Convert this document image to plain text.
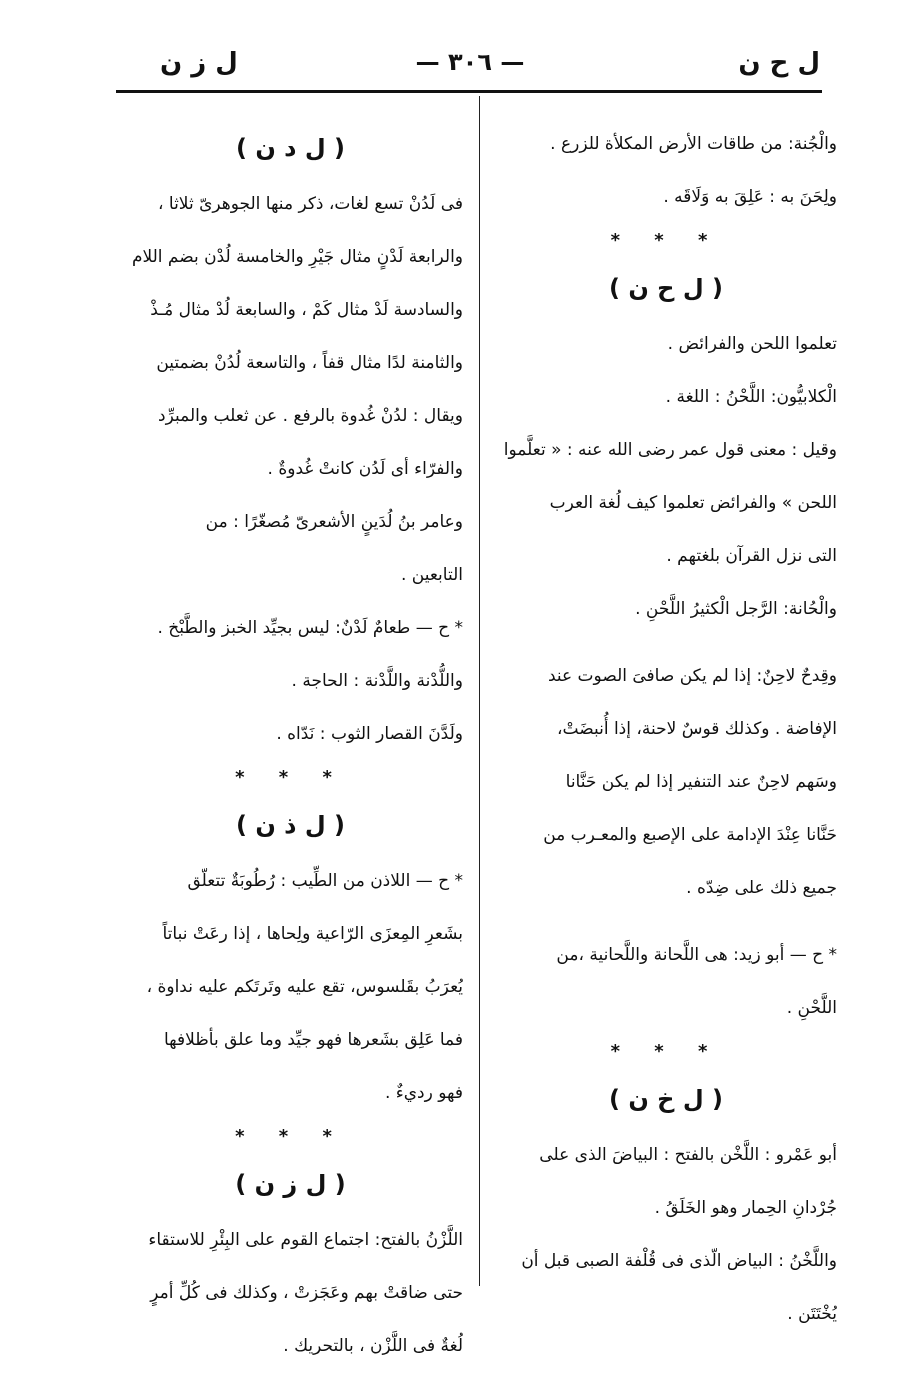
ل ح ن
— ٣٠٦ —
ل ز ن
والْجُنة: من طاقات الأرض المكلأة للزرع .
ولِحَنَ به : عَلِقَ به وَلَاقَه .
* * *
( ل ح ن )
تعلموا اللحن والفرائض .
الْكلابيُّون: اللَّحْنُ : اللغة .
وقيل : معنى قول عمر رضى الله عنه : « تعلَّموا
اللحن » والفرائض تعلموا كيف لُغة العرب
التى نزل القرآن بلغتهم .
والْحُانة: الرَّجل الْكثيرُ اللَّحْنِ .
وقِدحٌ لاحِنٌ: إذا لم يكن صافىَ الصوت عند
الإفاضة . وكذلك قوسٌ لاحنة، إذا أُنبضَتْ،
وسَهم لاحِنٌ عند التنفير إذا لم يكن حَنَّانا
حَنَّانا عِنْدَ الإدامة على الإصبع والمعـرب من
جميع ذلك على ضِدّه .
* ح — أبو زيد: هى اللَّحانة واللَّحانية ،من
اللَّحْنِ .
* * *
( ل خ ن )
أبو عَمْرو : اللَّخْن بالفتح : البياضَ الذى على
جُرْدانِ الحِمار وهو الخَلَقُ .
واللَّخْنُ : البياض الّذى فى قُلْفة الصبى قبل أن
يُخْتَتَن .
( ل د ن )
فى لَدُنْ تسع لغات، ذكر منها الجوهرىّ ثلاثا ،
والرابعة لَدْنٍ مثال جَيْرِ والخامسة لُدْن بضم اللام
والسادسة لَدْ مثال كَمْ ، والسابعة لُدْ مثال مُـذْ
والثامنة لدًا مثال قفاً ، والتاسعة لُدُنْ بضمتين
ويقال : لدُنْ غُدوة بالرفع . عن ثعلب والمبرِّد
والفرّاء أى لَدُن كانتْ غُدوةٌ .
وعامر بنُ لُدَينٍ الأشعرىّ مُصغّرًا : من
التابعين .
* ح — طعامٌ لَدْنٌ: ليس بجيِّد الخبز والطَّبْخ .
واللُّدْنة واللَّدْنة : الحاجة .
ولَدَّنَ القصار الثوب : نَدّاه .
* * *
( ل ذ ن )
* ح — اللاذن من الطِّيب : رُطُوبَةٌ تتعلّق
بشَعرِ المِعزَى الرّاعية ولِحاها ، إذا رعَتْ نباتاً
يُعرَبُ بقَلسوس، تقع عليه وتَرتَكم عليه نداوة ،
فما عَلِق بشَعرها فهو جيِّد وما علق بأظلافها
فهو رديءٌ .
* * *
( ل ز ن )
اللَّزْنُ بالفتح: اجتماع القوم على البِئْرِ للاستقاء
حتى ضاقتْ بهم وعَجَزتْ ، وكذلك فى كُلِّ أمرٍ
لُغةٌ فى اللَّزْن ، بالتحريك .
